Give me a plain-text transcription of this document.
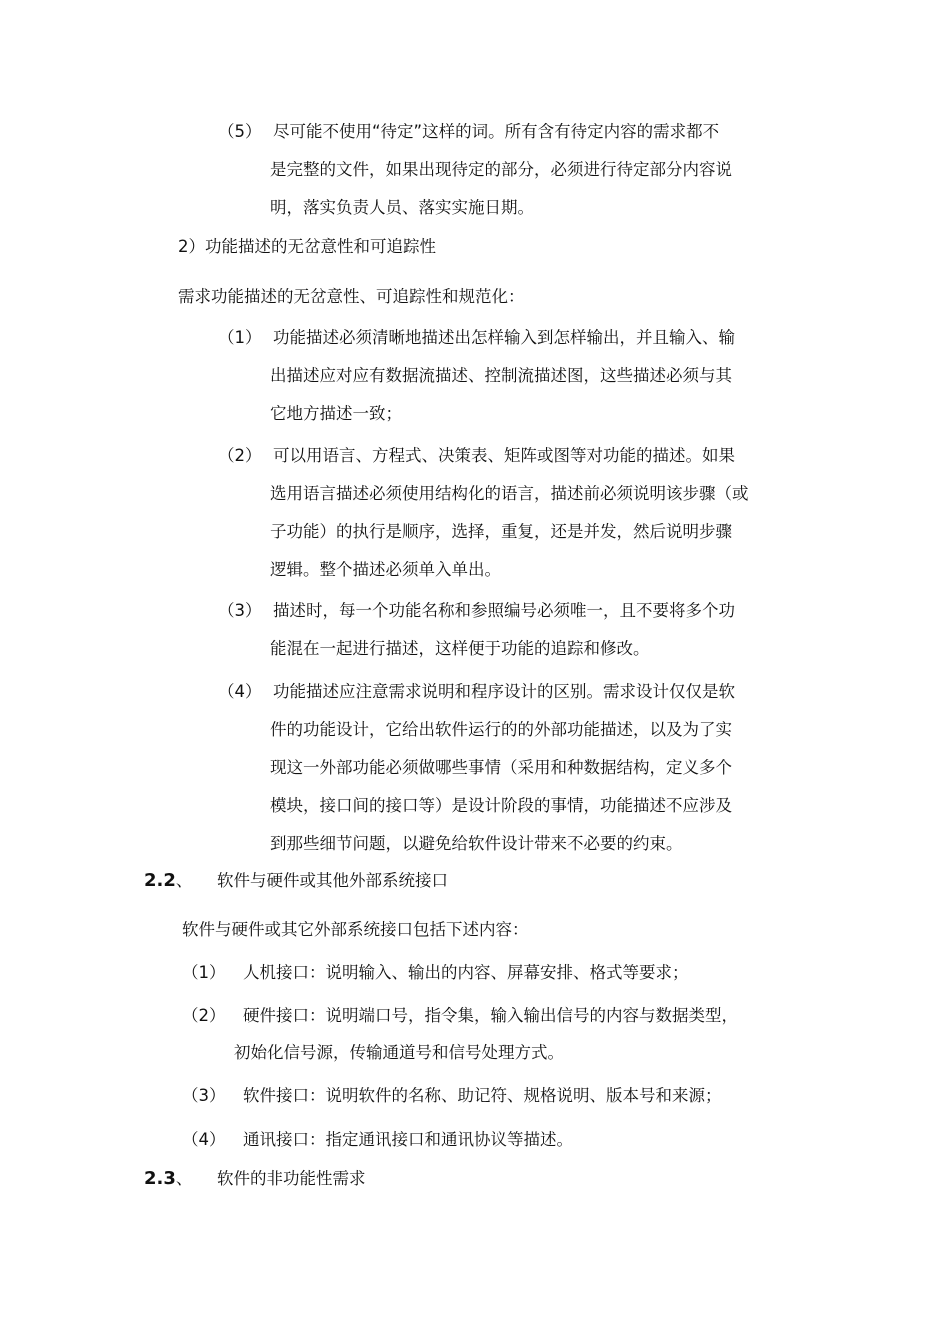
（5） 尽可能不使用“待定”这样的词。所有含有待定内容的需求都不
是完整的文件，如果出现待定的部分，必须进行待定部分内容说
明，落实负责人员、落实实施日期。
2）功能描述的无岔意性和可追踪性
需求功能描述的无岔意性、可追踪性和规范化：
（1） 功能描述必须清晰地描述出怎样输入到怎样输出，并且输入、输
出描述应对应有数据流描述、控制流描述图，这些描述必须与其
它地方描述一致；
（2） 可以用语言、方程式、决策表、矩阵或图等对功能的描述。如果
选用语言描述必须使用结构化的语言，描述前必须说明该步骤（或
子功能）的执行是顺序，选择，重复，还是并发，然后说明步骤
逻辑。整个描述必须单入单出。
（3） 描述时，每一个功能名称和参照编号必须唯一，且不要将多个功
能混在一起进行描述，这样便于功能的追踪和修改。
（4） 功能描述应注意需求说明和程序设计的区别。需求设计仅仅是软
件的功能设计，它给出软件运行的的外部功能描述，以及为了实
现这一外部功能必须做哪些事情（采用和种数据结构，定义多个
模块，接口间的接口等）是设计阶段的事情，功能描述不应涉及
到那些细节问题，以避免给软件设计带来不必要的约束。
2.2、 软件与硬件或其他外部系统接口
软件与硬件或其它外部系统接口包括下述内容：
（1） 人机接口：说明输入、输出的内容、屏幕安排、格式等要求；
（2） 硬件接口：说明端口号，指令集，输入输出信号的内容与数据类型，
初始化信号源，传输通道号和信号处理方式。
（3） 软件接口：说明软件的名称、助记符、规格说明、版本号和来源；
（4） 通讯接口：指定通讯接口和通讯协议等描述。
2.3、 软件的非功能性需求
